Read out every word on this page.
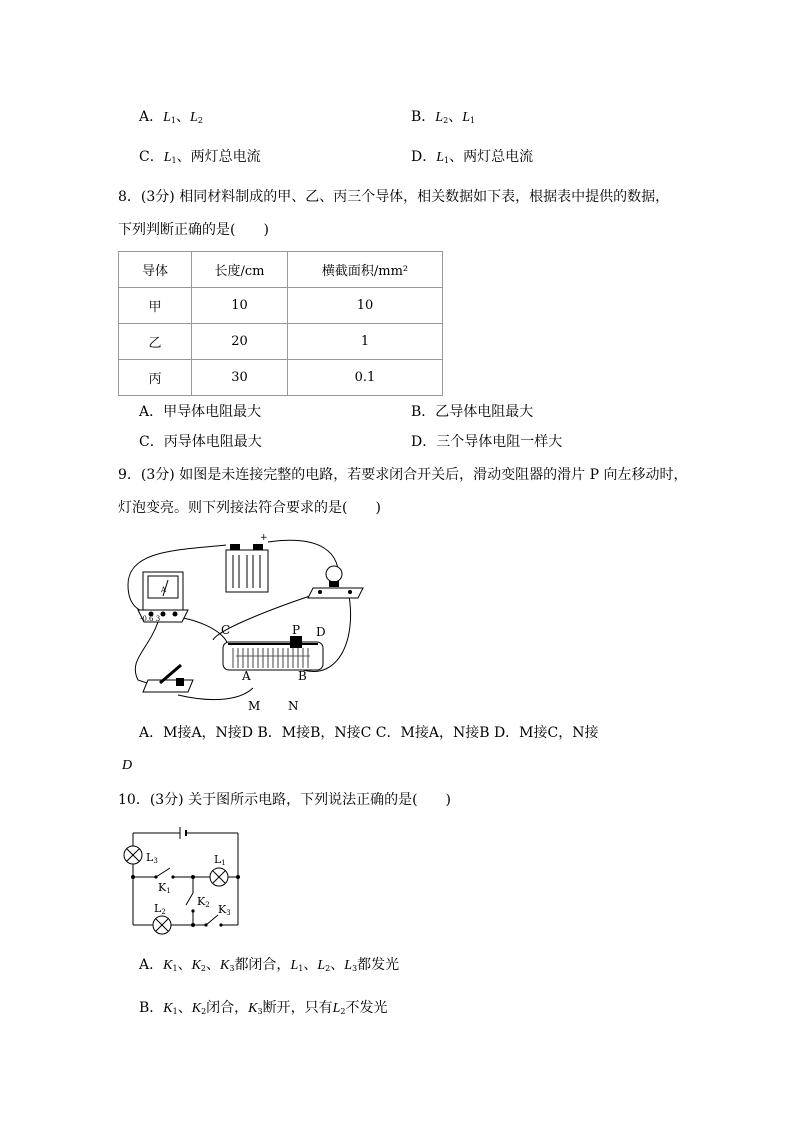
A．$L_1$、$L_2$	B．$L_2$、$L_1$
C．$L_1$、两灯总电流	D．$L_1$、两灯总电流
8．(3分) 相同材料制成的甲、乙、丙三个导体，相关数据如下表，根据表中提供的数据，
下列判断正确的是(　　)
导体	长度/cm	横截面积/mm²
甲	10	10
乙	20	1
丙	30	0.1
A．甲导体电阻最大	B．乙导体电阻最大
C．丙导体电阻最大	D．三个导体电阻一样大
9．(3分) 如图是未连接完整的电路，若要求闭合开关后，滑动变阻器的滑片 P 向左移动时，
灯泡变亮。则下列接法符合要求的是(　　)
+
A
-0.6 3
C	P D
A	B
M N
A．M接A，N接D B．M接B，N接C C．M接A，N接B D．M接C，N接
D
10．(3分) 关于图所示电路，下列说法正确的是(　　)
L3	L1
K1
L2
K2 K3
A．$K_1$、$K_2$、$K_3$都闭合，$L_1$、$L_2$、$L_3$都发光
B．$K_1$、$K_2$闭合，$K_3$断开，只有$L_2$不发光
